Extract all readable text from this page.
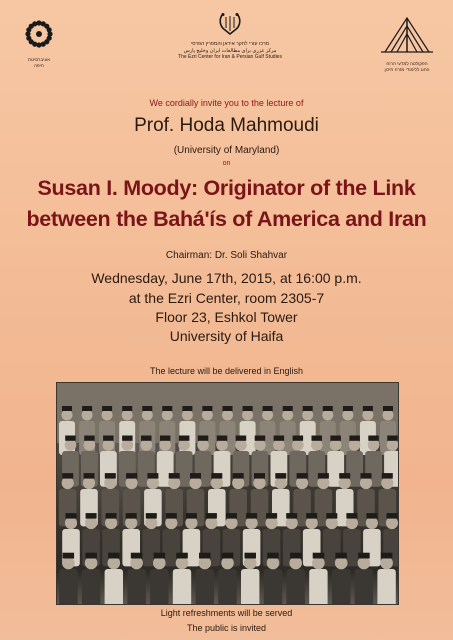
אוניברסיטת
חיפה
מרכז עזרי לחקר איראן והמפרץ הפרסי
مرکز عزری برای مطالعات ایران وخلیج پارس
The Ezri Center for Iran & Persian Gulf Studies
הפקולטה למדעי הרוח
החוג ללימודי מזרח תיכון
We cordially invite you to the lecture of
Prof. Hoda Mahmoudi
(University of Maryland)
on
Susan I. Moody: Originator of the Link
between the Bahá'ís of America and Iran
Chairman: Dr. Soli Shahvar
Wednesday, June 17th, 2015, at 16:00 p.m.
at the Ezri Center, room 2305-7
Floor 23, Eshkol Tower
University of Haifa
The lecture will be delivered in English
Light refreshments will be served
The public is invited
